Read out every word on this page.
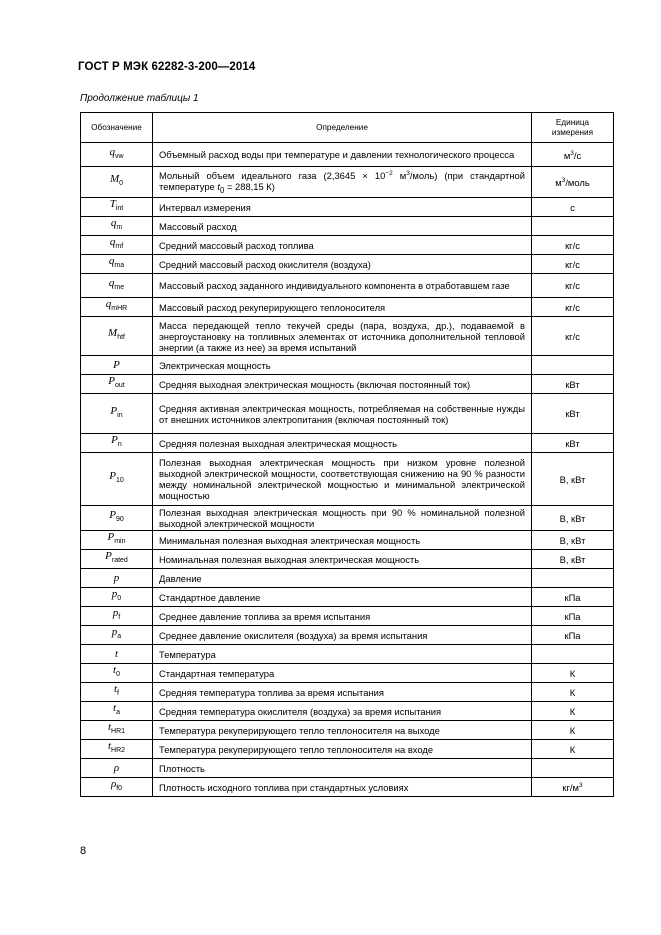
ГОСТ Р МЭК 62282-3-200—2014
Продолжение таблицы 1
Обозначение	Определение	Единица измерения
$q_{vw}$	Объемный расход воды при температуре и давлении технологического процесса	$м^3/с$
$M_0$	Мольный объем идеального газа ($2,3645 \times 10^{-2}$ $м^3/моль$) (при стандартной температуре $t_0 = 288,15$ К)	$м^3$/моль
$T_{int}$	Интервал измерения	с
$q_m$	Массовый расход	
$q_{mf}$	Средний массовый расход топлива	кг/с
$q_{ma}$	Средний массовый расход окислителя (воздуха)	кг/с
$q_{me}$	Массовый расход заданного индивидуального компонента в отработавшем газе	кг/с
$q_{mHR}$	Массовый расход рекуперирующего теплоносителя	кг/с
$M_{htf}$	Масса передающей тепло текучей среды (пара, воздуха, др.), подаваемой в энергоустановку на топливных элементах от источника дополнительной тепловой энергии (а также из нее) за время испытаний	кг/с
P	Электрическая мощность	
$P_{out}$	Средняя выходная электрическая мощность (включая постоянный ток)	кВт
$P_{in}$	Средняя активная электрическая мощность, потребляемая на собственные нужды от внешних источников электропитания (включая постоянный ток)	кВт
$P_n$	Средняя полезная выходная электрическая мощность	кВт
$P_{10}$	Полезная выходная электрическая мощность при низком уровне полезной выходной электрической мощности, соответствующая снижению на 90 % разности между номинальной электрической мощностью и минимальной электрической мощностью	В, кВт
$P_{90}$	Полезная выходная электрическая мощность при 90 % номинальной полезной выходной электрической мощности	В, кВт
$P_{min}$	Минимальная полезная выходная электрическая мощность	В, кВт
$P_{rated}$	Номинальная полезная выходная электрическая мощность	В, кВт
p	Давление	
$p_0$	Стандартное давление	кПа
$p_f$	Среднее давление топлива за время испытания	кПа
$p_a$	Среднее давление окислителя (воздуха) за время испытания	кПа
t	Температура	
$t_0$	Стандартная температура	К
$t_f$	Средняя температура топлива за время испытания	К
$t_a$	Средняя температура окислителя (воздуха) за время испытания	К
$t_{HR1}$	Температура рекуперирующего тепло теплоносителя на выходе	К
$t_{HR2}$	Температура рекуперирующего тепло теплоносителя на входе	К
ρ	Плотность	
$\rho_{f0}$	Плотность исходного топлива при стандартных условиях	$кг/м^3$
8
